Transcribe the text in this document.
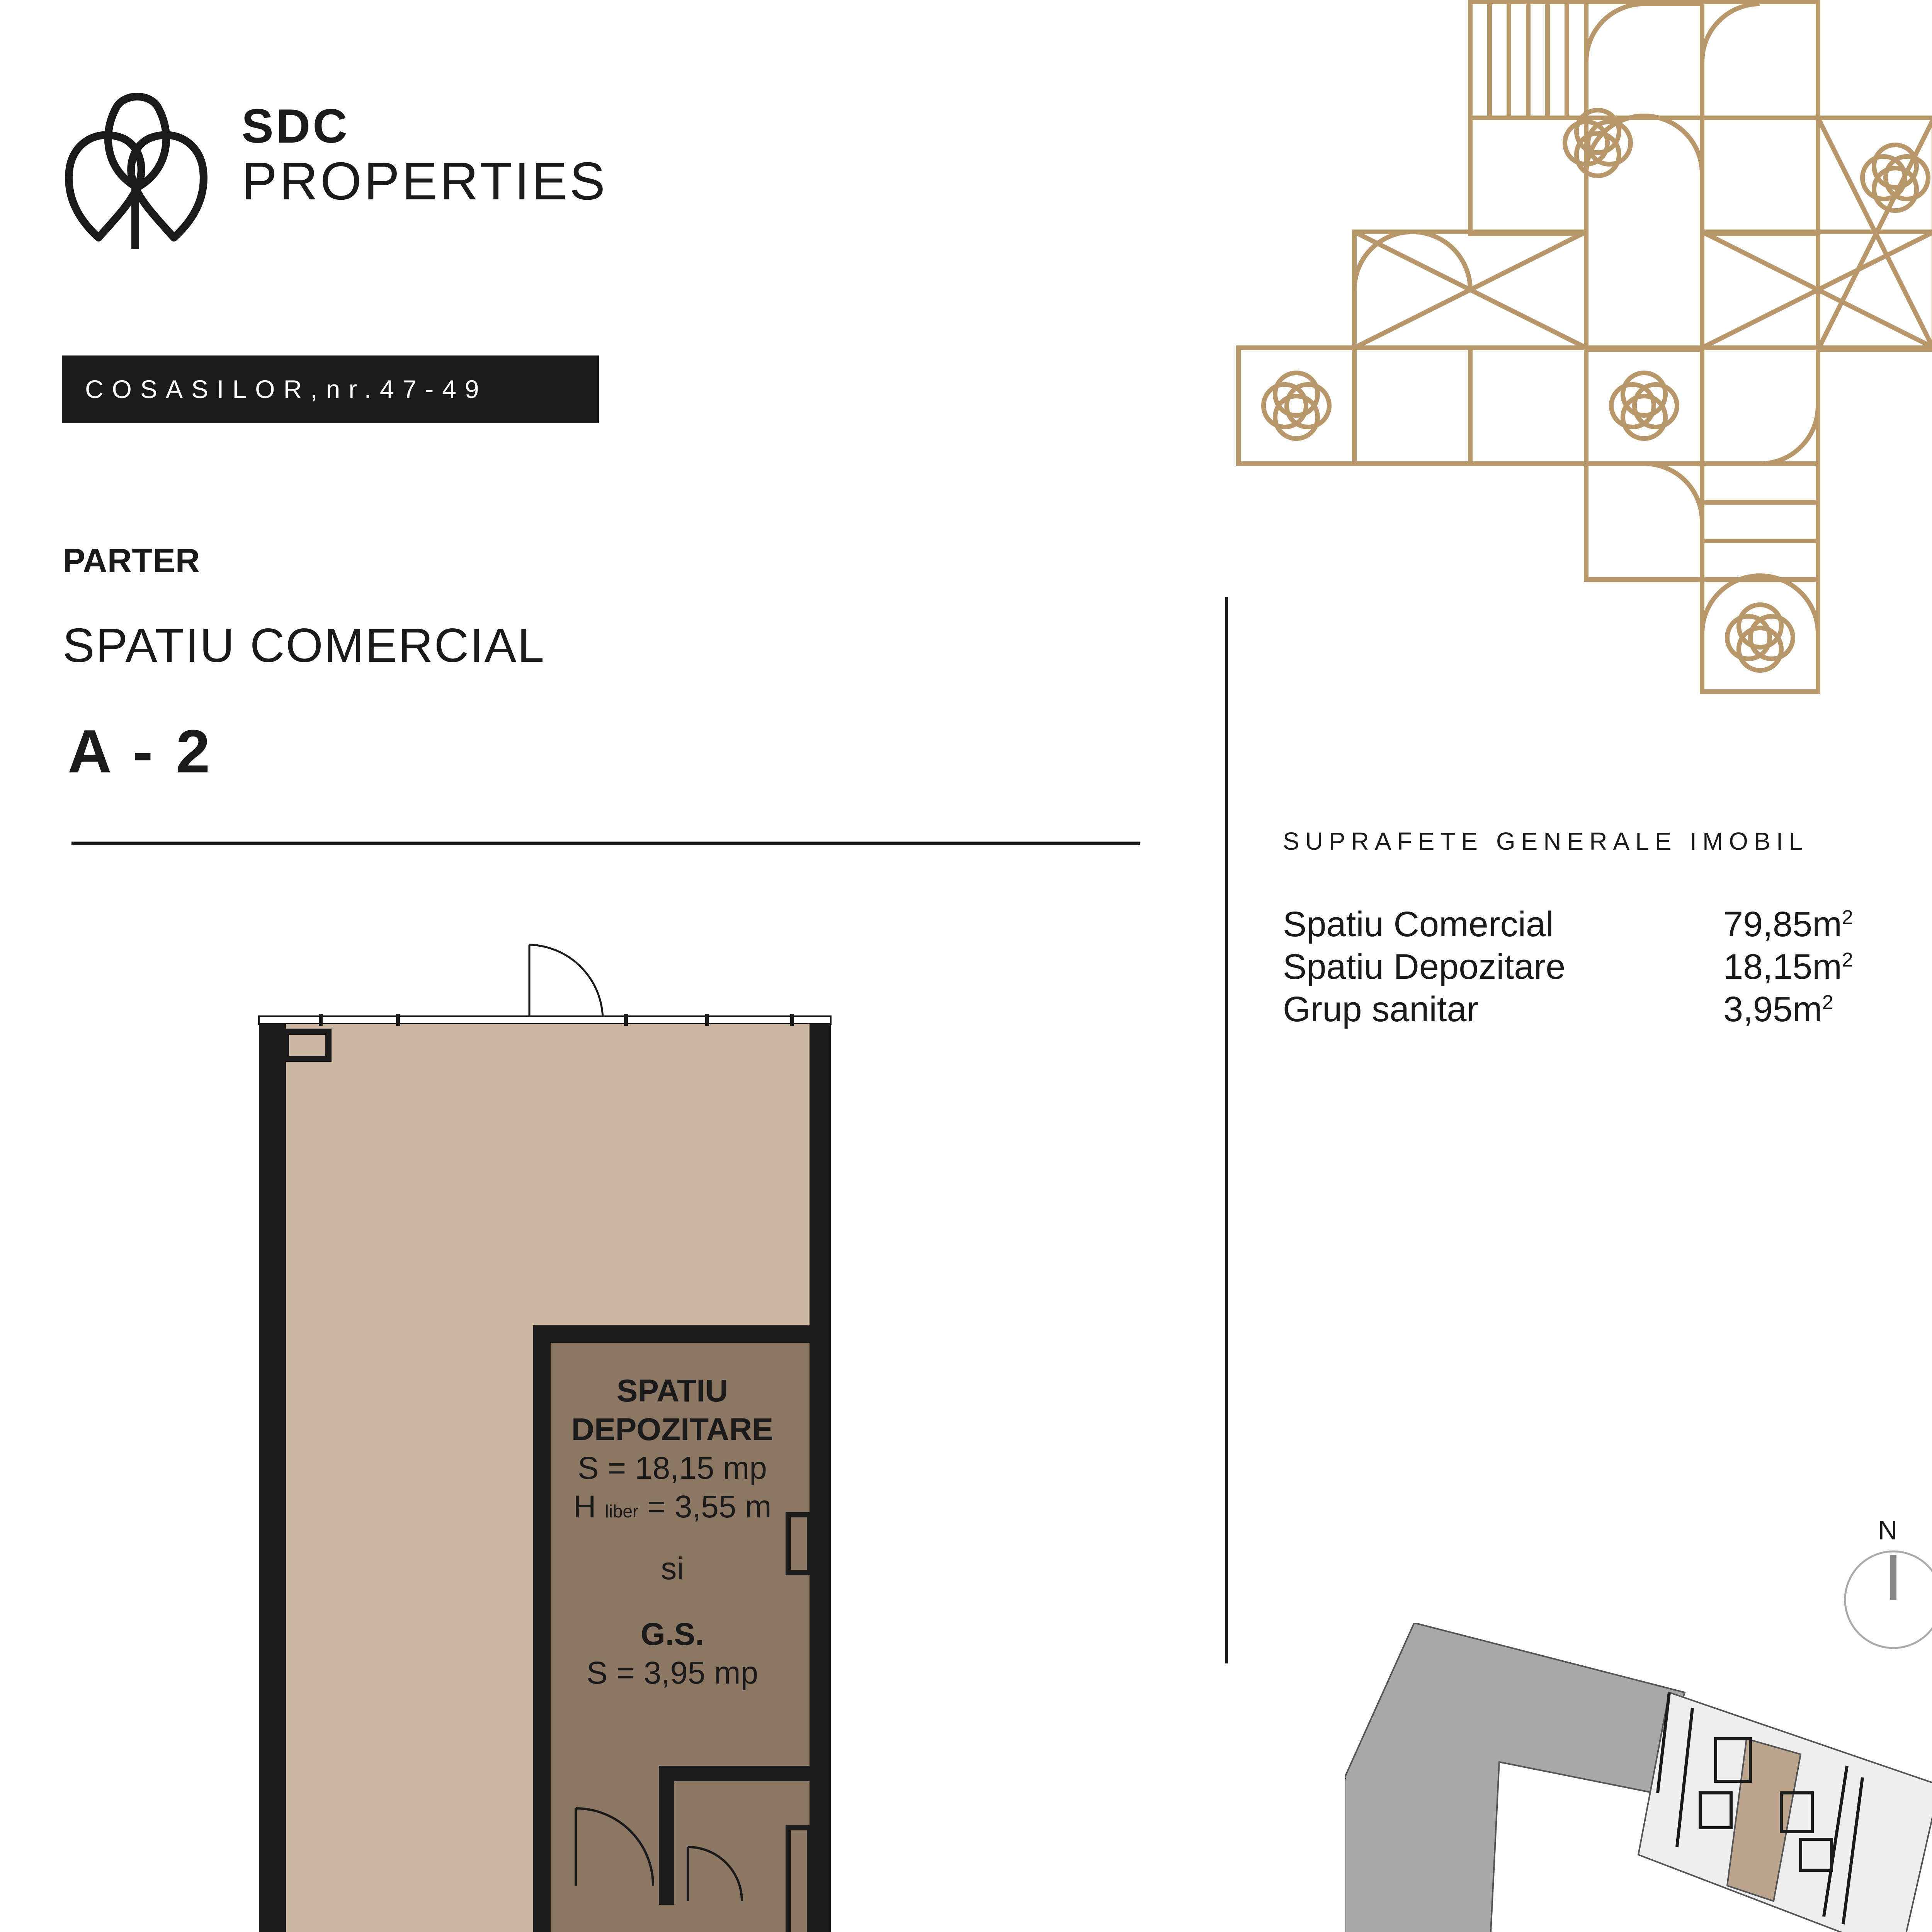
SDC
PROPERTIES
COSASILOR,nr.47-49
PARTER
SPATIU COMERCIAL
A - 2
SUPRAFETE GENERALE IMOBIL
Spatiu Comercial	$79,85m^2$
Spatiu Depozitare	$18,15m^2$
Grup sanitar	$3,95m^2$
SPATIU
DEPOZITARE
S = 18,15 mp
H liber = 3,55 m
si
G.S.
S = 3,95 mp
N
